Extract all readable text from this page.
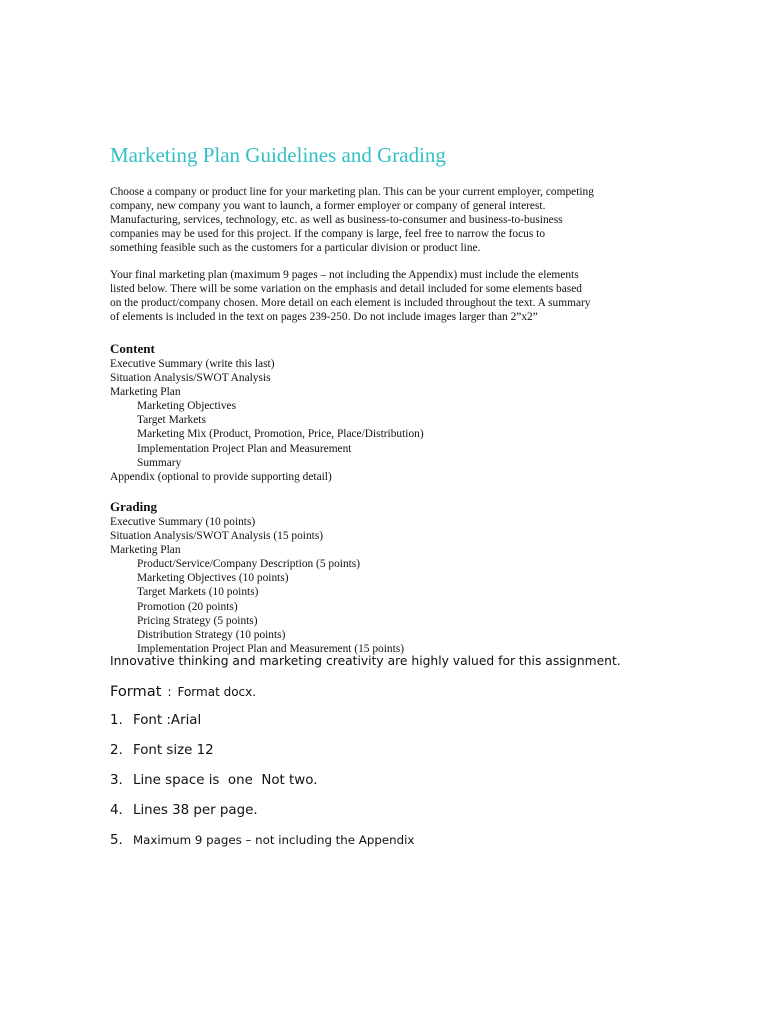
Marketing Plan Guidelines and Grading

Choose a company or product line for your marketing plan. This can be your current employer, competing
company, new company you want to launch, a former employer or company of general interest.
Manufacturing, services, technology, etc. as well as business-to-consumer and business-to-business
companies may be used for this project. If the company is large, feel free to narrow the focus to
something feasible such as the customers for a particular division or product line.

Your final marketing plan (maximum 9 pages – not including the Appendix) must include the elements
listed below. There will be some variation on the emphasis and detail included for some elements based
on the product/company chosen. More detail on each element is included throughout the text. A summary
of elements is included in the text on pages 239-250. Do not include images larger than 2”x2”

Content
Executive Summary (write this last)
Situation Analysis/SWOT Analysis
Marketing Plan
Marketing Objectives
Target Markets
Marketing Mix (Product, Promotion, Price, Place/Distribution)
Implementation Project Plan and Measurement
Summary
Appendix (optional to provide supporting detail)
Grading
Executive Summary (10 points)
Situation Analysis/SWOT Analysis (15 points)
Marketing Plan
Product/Service/Company Description (5 points)
Marketing Objectives (10 points)
Target Markets (10 points)
Promotion (20 points)
Pricing Strategy (5 points)
Distribution Strategy (10 points)
Implementation Project Plan and Measurement (15 points)

Innovative thinking and marketing creativity are highly valued for this assignment.

Format : Format docx.

1. Font :Arial
2. Font size 12
3. Line space is  one  Not two.
4. Lines 38 per page.
5. Maximum 9 pages – not including the Appendix
